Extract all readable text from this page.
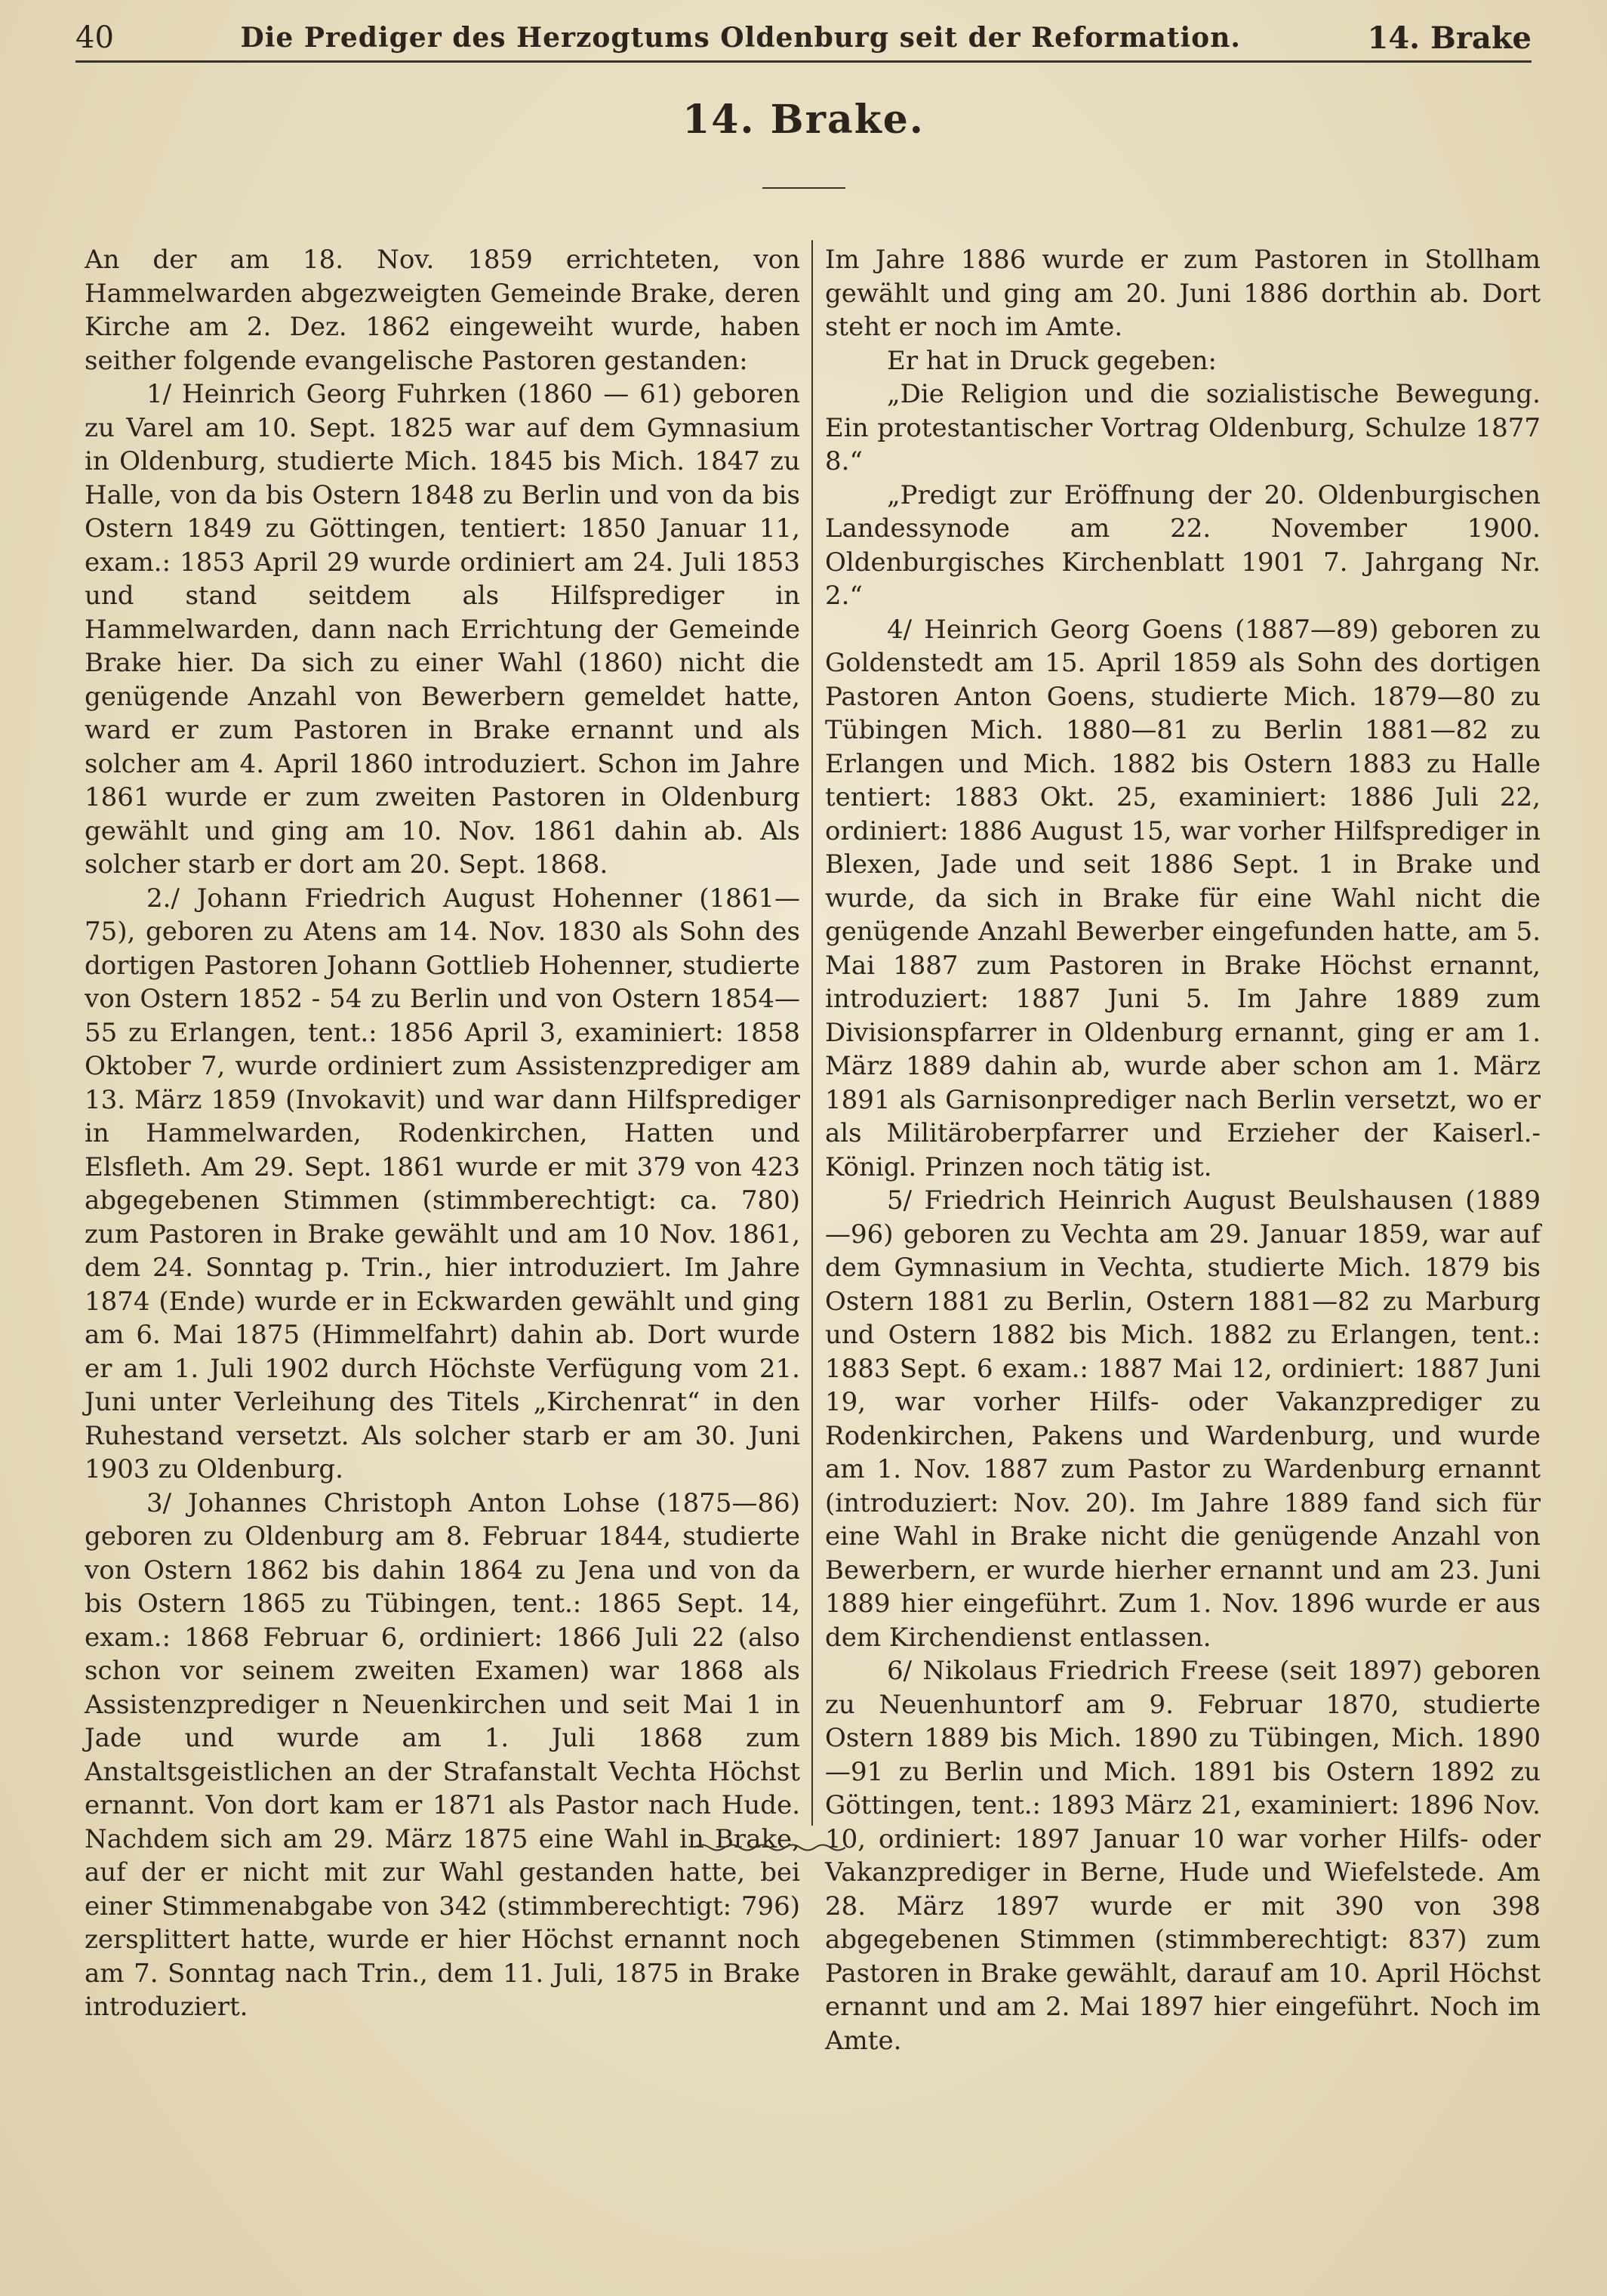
40	Die Prediger des Herzogtums Oldenburg seit der Reformation.	14. Brake
14. Brake.

An der am 18. Nov. 1859 errichteten, von Hammelwarden abgezweigten Gemeinde Brake, deren Kirche am 2. Dez. 1862 eingeweiht wurde, haben seither folgende evangelische Pastoren gestanden:

1/ Heinrich Georg Fuhrken (1860 — 61) geboren zu Varel am 10. Sept. 1825 war auf dem Gymnasium in Oldenburg, studierte Mich. 1845 bis Mich. 1847 zu Halle, von da bis Ostern 1848 zu Berlin und von da bis Ostern 1849 zu Göttingen, tentiert: 1850 Januar 11, exam.: 1853 April 29 wurde ordiniert am 24. Juli 1853 und stand seitdem als Hilfsprediger in Hammelwarden, dann nach Errichtung der Gemeinde Brake hier. Da sich zu einer Wahl (1860) nicht die genügende Anzahl von Bewerbern gemeldet hatte, ward er zum Pastoren in Brake ernannt und als solcher am 4. April 1860 introduziert. Schon im Jahre 1861 wurde er zum zweiten Pastoren in Oldenburg gewählt und ging am 10. Nov. 1861 dahin ab. Als solcher starb er dort am 20. Sept. 1868.

2./ Johann Friedrich August Hohenner (1861—75), geboren zu Atens am 14. Nov. 1830 als Sohn des dortigen Pastoren Johann Gottlieb Hohenner, studierte von Ostern 1852 - 54 zu Berlin und von Ostern 1854—55 zu Erlangen, tent.: 1856 April 3, examiniert: 1858 Oktober 7, wurde ordiniert zum Assistenzprediger am 13. März 1859 (Invokavit) und war dann Hilfsprediger in Hammelwarden, Rodenkirchen, Hatten und Elsfleth. Am 29. Sept. 1861 wurde er mit 379 von 423 abgegebenen Stimmen (stimmberechtigt: ca. 780) zum Pastoren in Brake gewählt und am 10 Nov. 1861, dem 24. Sonntag p. Trin., hier introduziert. Im Jahre 1874 (Ende) wurde er in Eckwarden gewählt und ging am 6. Mai 1875 (Himmelfahrt) dahin ab. Dort wurde er am 1. Juli 1902 durch Höchste Verfügung vom 21. Juni unter Verleihung des Titels „Kirchenrat“ in den Ruhestand versetzt. Als solcher starb er am 30. Juni 1903 zu Oldenburg.

3/ Johannes Christoph Anton Lohse (1875—86) geboren zu Oldenburg am 8. Februar 1844, studierte von Ostern 1862 bis dahin 1864 zu Jena und von da bis Ostern 1865 zu Tübingen, tent.: 1865 Sept. 14, exam.: 1868 Februar 6, ordiniert: 1866 Juli 22 (also schon vor seinem zweiten Examen) war 1868 als Assistenzprediger n Neuenkirchen und seit Mai 1 in Jade und wurde am 1. Juli 1868 zum Anstaltsgeistlichen an der Strafanstalt Vechta Höchst ernannt. Von dort kam er 1871 als Pastor nach Hude. Nachdem sich am 29. März 1875 eine Wahl in Brake, auf der er nicht mit zur Wahl gestanden hatte, bei einer Stimmenabgabe von 342 (stimmberechtigt: 796) zersplittert hatte, wurde er hier Höchst ernannt noch am 7. Sonntag nach Trin., dem 11. Juli, 1875 in Brake introduziert.

Im Jahre 1886 wurde er zum Pastoren in Stollham gewählt und ging am 20. Juni 1886 dorthin ab. Dort steht er noch im Amte.

Er hat in Druck gegeben:

„Die Religion und die sozialistische Bewegung. Ein protestantischer Vortrag Oldenburg, Schulze 1877 8.“

„Predigt zur Eröffnung der 20. Oldenburgischen Landessynode am 22. November 1900. Oldenburgisches Kirchenblatt 1901 7. Jahrgang Nr. 2.“

4/ Heinrich Georg Goens (1887—89) geboren zu Goldenstedt am 15. April 1859 als Sohn des dortigen Pastoren Anton Goens, studierte Mich. 1879—80 zu Tübingen Mich. 1880—81 zu Berlin 1881—82 zu Erlangen und Mich. 1882 bis Ostern 1883 zu Halle tentiert: 1883 Okt. 25, examiniert: 1886 Juli 22, ordiniert: 1886 August 15, war vorher Hilfsprediger in Blexen, Jade und seit 1886 Sept. 1 in Brake und wurde, da sich in Brake für eine Wahl nicht die genügende Anzahl Bewerber eingefunden hatte, am 5. Mai 1887 zum Pastoren in Brake Höchst ernannt, introduziert: 1887 Juni 5. Im Jahre 1889 zum Divisionspfarrer in Oldenburg ernannt, ging er am 1. März 1889 dahin ab, wurde aber schon am 1. März 1891 als Garnisonprediger nach Berlin versetzt, wo er als Militäroberpfarrer und Erzieher der Kaiserl.-Königl. Prinzen noch tätig ist.

5/ Friedrich Heinrich August Beulshausen (1889—96) geboren zu Vechta am 29. Januar 1859, war auf dem Gymnasium in Vechta, studierte Mich. 1879 bis Ostern 1881 zu Berlin, Ostern 1881—82 zu Marburg und Ostern 1882 bis Mich. 1882 zu Erlangen, tent.: 1883 Sept. 6 exam.: 1887 Mai 12, ordiniert: 1887 Juni 19, war vorher Hilfs- oder Vakanzprediger zu Rodenkirchen, Pakens und Wardenburg, und wurde am 1. Nov. 1887 zum Pastor zu Wardenburg ernannt (introduziert: Nov. 20). Im Jahre 1889 fand sich für eine Wahl in Brake nicht die genügende Anzahl von Bewerbern, er wurde hierher ernannt und am 23. Juni 1889 hier eingeführt. Zum 1. Nov. 1896 wurde er aus dem Kirchendienst entlassen.

6/ Nikolaus Friedrich Freese (seit 1897) geboren zu Neuenhuntorf am 9. Februar 1870, studierte Ostern 1889 bis Mich. 1890 zu Tübingen, Mich. 1890—91 zu Berlin und Mich. 1891 bis Ostern 1892 zu Göttingen, tent.: 1893 März 21, examiniert: 1896 Nov. 10, ordiniert: 1897 Januar 10 war vorher Hilfs- oder Vakanzprediger in Berne, Hude und Wiefelstede. Am 28. März 1897 wurde er mit 390 von 398 abgegebenen Stimmen (stimmberechtigt: 837) zum Pastoren in Brake gewählt, darauf am 10. April Höchst ernannt und am 2. Mai 1897 hier eingeführt. Noch im Amte.
